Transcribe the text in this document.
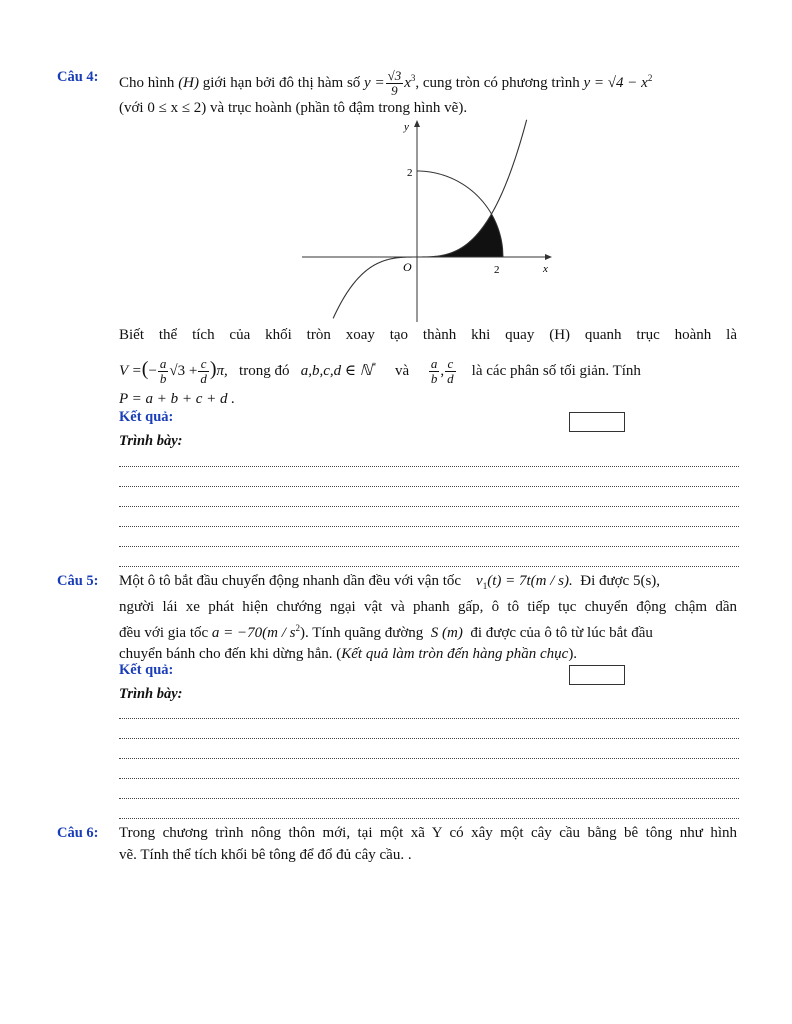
Câu 4: Cho hình (H) giới hạn bởi đô thị hàm số $y = \frac{√3}{9} x^3$, cung tròn có phương trình $y = √4 - x^2$
(với 0 ≤ x ≤ 2) và trục hoành (phần tô đậm trong hình vẽ).
y
x
O
2
2
Biết thể tích của khối tròn xoay tạo thành khi quay (H) quanh trục hoành là
V =(− $\frac{a}{b} √3 + \frac{c}{d} )\pi$, trong đó a,b,c,d ∈ ℕ* và $\frac{a}{b}$ , $\frac{c}{d}$ là các phân số tối giản. Tính
P = a + b + c + d .
Kết quả:
Trình bày:
Câu 5: Một ô tô bắt đầu chuyển động nhanh dần đều với vận tốc $v_1(t) = 7t(m / s)$. Đi được 5(s),
người lái xe phát hiện chướng ngại vật và phanh gấp, ô tô tiếp tục chuyển động chậm dần
đều với gia tốc $a = -70(m / s^2)$. Tính quãng đường S (m) đi được của ô tô từ lúc bắt đầu
chuyển bánh cho đến khi dừng hẳn. (Kết quả làm tròn đến hàng phần chục).
Kết quả:
Trình bày:
Câu 6: Trong chương trình nông thôn mới, tại một xã Y có xây một cây cầu bằng bê tông như hình
vẽ. Tính thể tích khối bê tông để đổ đủ cây cầu. .
